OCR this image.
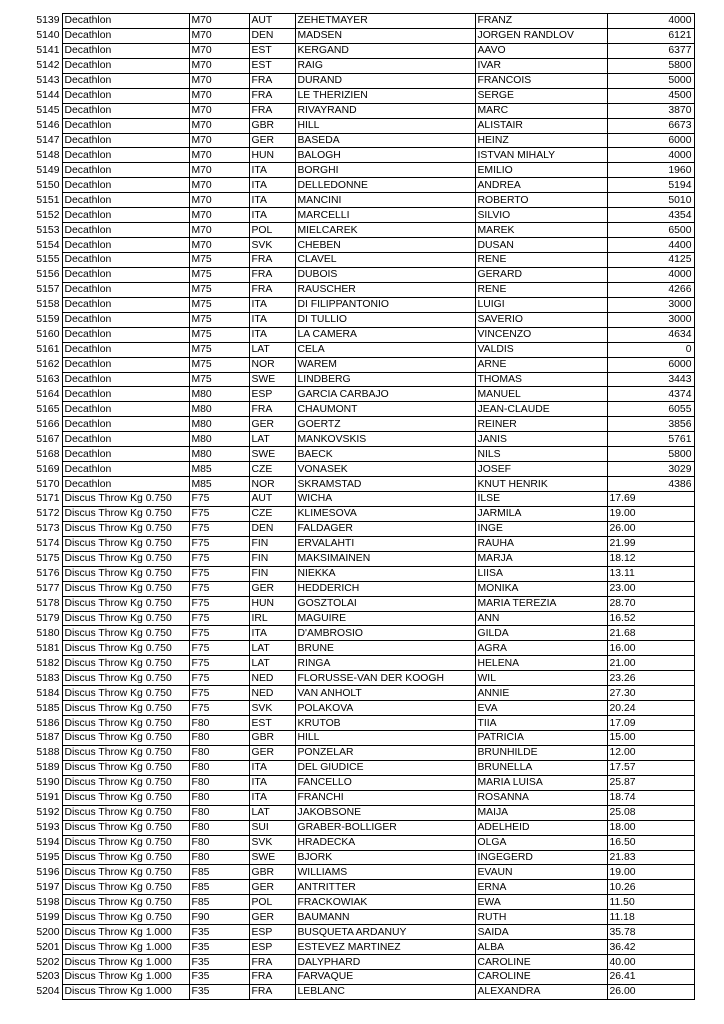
5139	Decathlon	M70	AUT	ZEHETMAYER	FRANZ	4000
5140	Decathlon	M70	DEN	MADSEN	JORGEN RANDLOV	6121
5141	Decathlon	M70	EST	KERGAND	AAVO	6377
5142	Decathlon	M70	EST	RAIG	IVAR	5800
5143	Decathlon	M70	FRA	DURAND	FRANCOIS	5000
5144	Decathlon	M70	FRA	LE THERIZIEN	SERGE	4500
5145	Decathlon	M70	FRA	RIVAYRAND	MARC	3870
5146	Decathlon	M70	GBR	HILL	ALISTAIR	6673
5147	Decathlon	M70	GER	BASEDA	HEINZ	6000
5148	Decathlon	M70	HUN	BALOGH	ISTVAN MIHALY	4000
5149	Decathlon	M70	ITA	BORGHI	EMILIO	1960
5150	Decathlon	M70	ITA	DELLEDONNE	ANDREA	5194
5151	Decathlon	M70	ITA	MANCINI	ROBERTO	5010
5152	Decathlon	M70	ITA	MARCELLI	SILVIO	4354
5153	Decathlon	M70	POL	MIELCAREK	MAREK	6500
5154	Decathlon	M70	SVK	CHEBEN	DUSAN	4400
5155	Decathlon	M75	FRA	CLAVEL	RENE	4125
5156	Decathlon	M75	FRA	DUBOIS	GERARD	4000
5157	Decathlon	M75	FRA	RAUSCHER	RENE	4266
5158	Decathlon	M75	ITA	DI FILIPPANTONIO	LUIGI	3000
5159	Decathlon	M75	ITA	DI TULLIO	SAVERIO	3000
5160	Decathlon	M75	ITA	LA CAMERA	VINCENZO	4634
5161	Decathlon	M75	LAT	CELA	VALDIS	0
5162	Decathlon	M75	NOR	WAREM	ARNE	6000
5163	Decathlon	M75	SWE	LINDBERG	THOMAS	3443
5164	Decathlon	M80	ESP	GARCIA CARBAJO	MANUEL	4374
5165	Decathlon	M80	FRA	CHAUMONT	JEAN-CLAUDE	6055
5166	Decathlon	M80	GER	GOERTZ	REINER	3856
5167	Decathlon	M80	LAT	MANKOVSKIS	JANIS	5761
5168	Decathlon	M80	SWE	BAECK	NILS	5800
5169	Decathlon	M85	CZE	VONASEK	JOSEF	3029
5170	Decathlon	M85	NOR	SKRAMSTAD	KNUT HENRIK	4386
5171	Discus Throw Kg 0.750	F75	AUT	WICHA	ILSE	17.69
5172	Discus Throw Kg 0.750	F75	CZE	KLIMESOVA	JARMILA	19.00
5173	Discus Throw Kg 0.750	F75	DEN	FALDAGER	INGE	26.00
5174	Discus Throw Kg 0.750	F75	FIN	ERVALAHTI	RAUHA	21.99
5175	Discus Throw Kg 0.750	F75	FIN	MAKSIMAINEN	MARJA	18.12
5176	Discus Throw Kg 0.750	F75	FIN	NIEKKA	LIISA	13.11
5177	Discus Throw Kg 0.750	F75	GER	HEDDERICH	MONIKA	23.00
5178	Discus Throw Kg 0.750	F75	HUN	GOSZTOLAI	MARIA TEREZIA	28.70
5179	Discus Throw Kg 0.750	F75	IRL	MAGUIRE	ANN	16.52
5180	Discus Throw Kg 0.750	F75	ITA	D'AMBROSIO	GILDA	21.68
5181	Discus Throw Kg 0.750	F75	LAT	BRUNE	AGRA	16.00
5182	Discus Throw Kg 0.750	F75	LAT	RINGA	HELENA	21.00
5183	Discus Throw Kg 0.750	F75	NED	FLORUSSE-VAN DER KOOGH	WIL	23.26
5184	Discus Throw Kg 0.750	F75	NED	VAN ANHOLT	ANNIE	27.30
5185	Discus Throw Kg 0.750	F75	SVK	POLAKOVA	EVA	20.24
5186	Discus Throw Kg 0.750	F80	EST	KRUTOB	TIIA	17.09
5187	Discus Throw Kg 0.750	F80	GBR	HILL	PATRICIA	15.00
5188	Discus Throw Kg 0.750	F80	GER	PONZELAR	BRUNHILDE	12.00
5189	Discus Throw Kg 0.750	F80	ITA	DEL GIUDICE	BRUNELLA	17.57
5190	Discus Throw Kg 0.750	F80	ITA	FANCELLO	MARIA LUISA	25.87
5191	Discus Throw Kg 0.750	F80	ITA	FRANCHI	ROSANNA	18.74
5192	Discus Throw Kg 0.750	F80	LAT	JAKOBSONE	MAIJA	25.08
5193	Discus Throw Kg 0.750	F80	SUI	GRABER-BOLLIGER	ADELHEID	18.00
5194	Discus Throw Kg 0.750	F80	SVK	HRADECKA	OLGA	16.50
5195	Discus Throw Kg 0.750	F80	SWE	BJORK	INGEGERD	21.83
5196	Discus Throw Kg 0.750	F85	GBR	WILLIAMS	EVAUN	19.00
5197	Discus Throw Kg 0.750	F85	GER	ANTRITTER	ERNA	10.26
5198	Discus Throw Kg 0.750	F85	POL	FRACKOWIAK	EWA	11.50
5199	Discus Throw Kg 0.750	F90	GER	BAUMANN	RUTH	11.18
5200	Discus Throw Kg 1.000	F35	ESP	BUSQUETA ARDANUY	SAIDA	35.78
5201	Discus Throw Kg 1.000	F35	ESP	ESTEVEZ MARTINEZ	ALBA	36.42
5202	Discus Throw Kg 1.000	F35	FRA	DALYPHARD	CAROLINE	40.00
5203	Discus Throw Kg 1.000	F35	FRA	FARVAQUE	CAROLINE	26.41
5204	Discus Throw Kg 1.000	F35	FRA	LEBLANC	ALEXANDRA	26.00
